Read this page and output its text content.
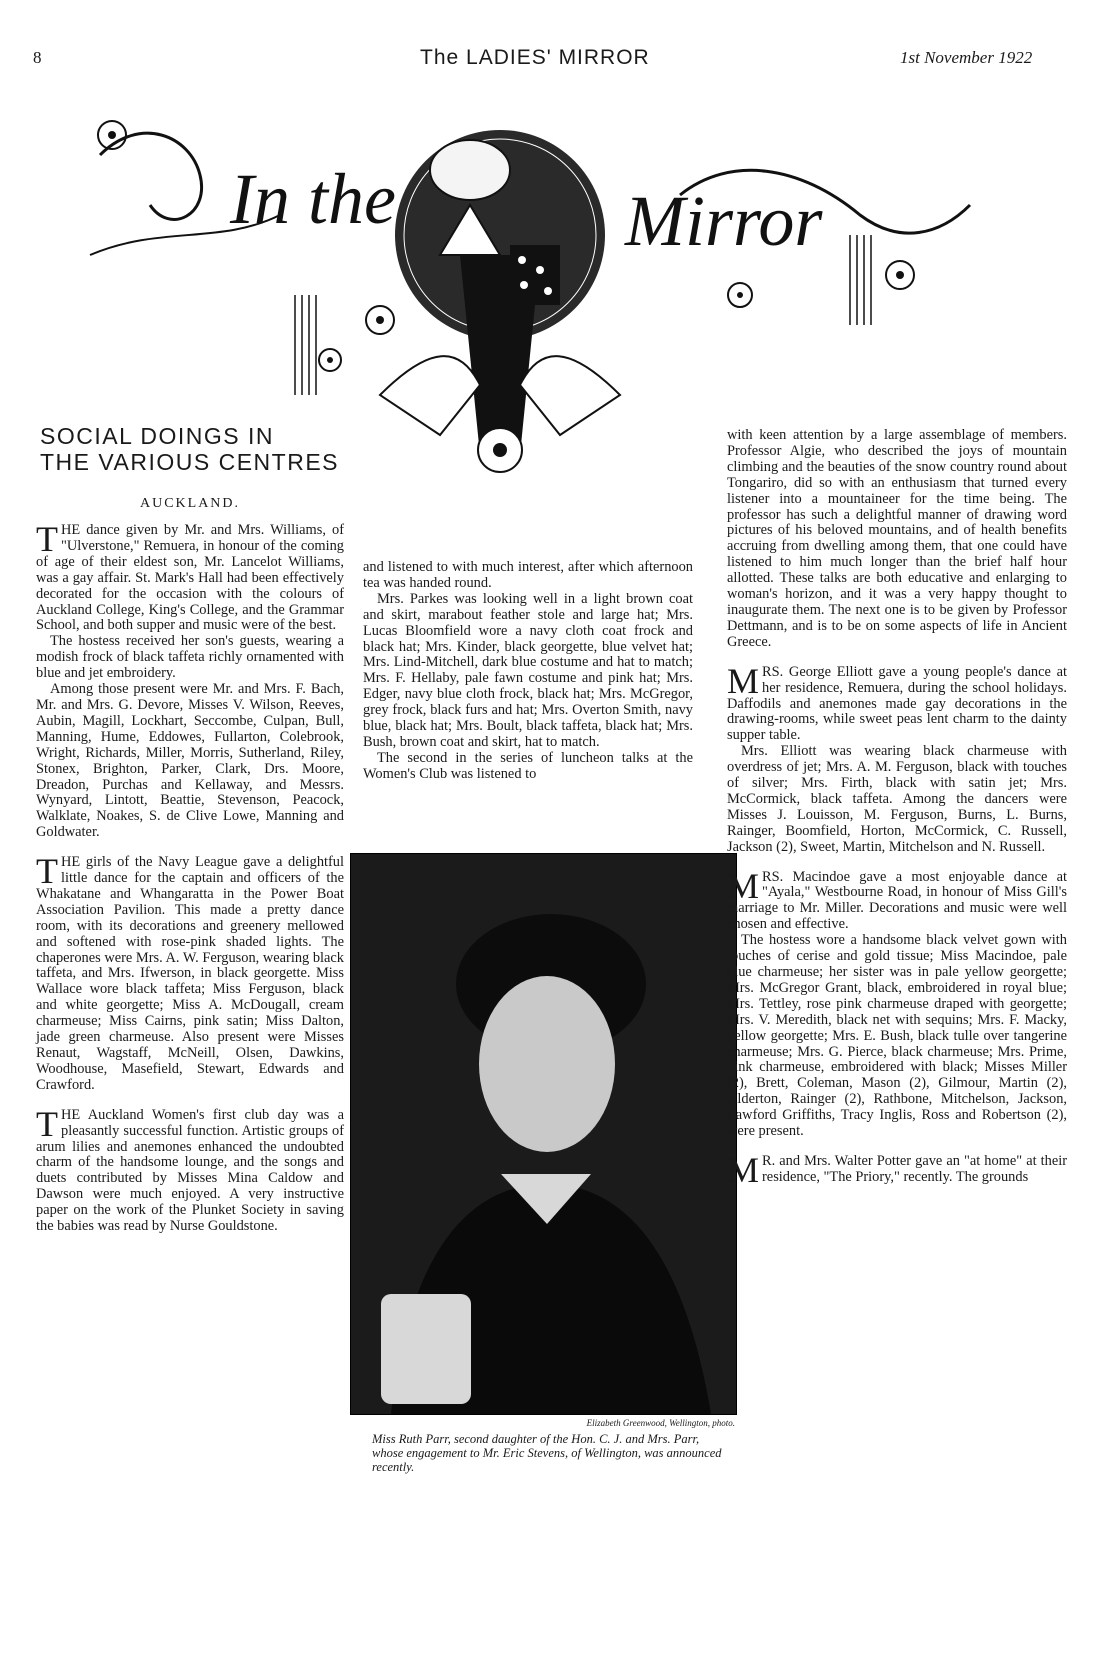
8	The LADIES' MIRROR	1st November 1922
In the	Mirror
SOCIAL DOINGS IN
THE VARIOUS CENTRES
AUCKLAND.

THE dance given by Mr. and Mrs. Williams, of "Ulverstone," Remuera, in honour of the coming of age of their eldest son, Mr. Lancelot Williams, was a gay affair. St. Mark's Hall had been effectively decorated for the occasion with the colours of Auckland College, King's College, and the Grammar School, and both supper and music were of the best.

The hostess received her son's guests, wearing a modish frock of black taffeta richly ornamented with blue and jet embroidery.

Among those present were Mr. and Mrs. F. Bach, Mr. and Mrs. G. Devore, Misses V. Wilson, Reeves, Aubin, Magill, Lockhart, Seccombe, Culpan, Bull, Manning, Hume, Eddowes, Fullarton, Colebrook, Wright, Richards, Miller, Morris, Sutherland, Riley, Stonex, Brighton, Parker, Clark, Drs. Moore, Dreadon, Purchas and Kellaway, and Messrs. Wynyard, Lintott, Beattie, Stevenson, Peacock, Walklate, Noakes, S. de Clive Lowe, Manning and Goldwater.

THE girls of the Navy League gave a delightful little dance for the captain and officers of the Whakatane and Whangaratta in the Power Boat Association Pavilion. This made a pretty dance room, with its decorations and greenery mellowed and softened with rose-pink shaded lights. The chaperones were Mrs. A. W. Ferguson, wearing black taffeta, and Mrs. Ifwerson, in black georgette. Miss Wallace wore black taffeta; Miss Ferguson, black and white georgette; Miss A. McDougall, cream charmeuse; Miss Cairns, pink satin; Miss Dalton, jade green charmeuse. Also present were Misses Renaut, Wagstaff, McNeill, Olsen, Dawkins, Woodhouse, Masefield, Stewart, Edwards and Crawford.

THE Auckland Women's first club day was a pleasantly successful function. Artistic groups of arum lilies and anemones enhanced the undoubted charm of the handsome lounge, and the songs and duets contributed by Misses Mina Caldow and Dawson were much enjoyed. A very instructive paper on the work of the Plunket Society in saving the babies was read by Nurse Gouldstone.

and listened to with much interest, after which afternoon tea was handed round.

Mrs. Parkes was looking well in a light brown coat and skirt, marabout feather stole and large hat; Mrs. Lucas Bloomfield wore a navy cloth coat frock and black hat; Mrs. Kinder, black georgette, blue velvet hat; Mrs. Lind-Mitchell, dark blue costume and hat to match; Mrs. F. Hellaby, pale fawn costume and pink hat; Mrs. Edger, navy blue cloth frock, black hat; Mrs. McGregor, grey frock, black furs and hat; Mrs. Overton Smith, navy blue, black hat; Mrs. Boult, black taffeta, black hat; Mrs. Bush, brown coat and skirt, hat to match.

The second in the series of luncheon talks at the Women's Club was listened to

Elizabeth Greenwood, Wellington, photo.
Miss Ruth Parr, second daughter of the Hon. C. J. and Mrs. Parr, whose engagement to Mr. Eric Stevens, of Wellington, was announced recently.

with keen attention by a large assemblage of members. Professor Algie, who described the joys of mountain climbing and the beauties of the snow country round about Tongariro, did so with an enthusiasm that turned every listener into a mountaineer for the time being. The professor has such a delightful manner of drawing word pictures of his beloved mountains, and of health benefits accruing from dwelling among them, that one could have listened to him much longer than the brief half hour allotted. These talks are both educative and enlarging to woman's horizon, and it was a very happy thought to inaugurate them. The next one is to be given by Professor Dettmann, and is to be on some aspects of life in Ancient Greece.

MRS. George Elliott gave a young people's dance at her residence, Remuera, during the school holidays. Daffodils and anemones made gay decorations in the drawing-rooms, while sweet peas lent charm to the dainty supper table.

Mrs. Elliott was wearing black charmeuse with overdress of jet; Mrs. A. M. Ferguson, black with touches of silver; Mrs. Firth, black with satin jet; Mrs. McCormick, black taffeta. Among the dancers were Misses J. Louisson, M. Ferguson, Burns, L. Burns, Rainger, Boomfield, Horton, McCormick, C. Russell, Jackson (2), Sweet, Martin, Mitchelson and N. Russell.

MRS. Macindoe gave a most enjoyable dance at "Ayala," Westbourne Road, in honour of Miss Gill's marriage to Mr. Miller. Decorations and music were well chosen and effective.

The hostess wore a handsome black velvet gown with touches of cerise and gold tissue; Miss Macindoe, pale blue charmeuse; her sister was in pale yellow georgette; Mrs. McGregor Grant, black, embroidered in royal blue; Mrs. Tettley, rose pink charmeuse draped with georgette; Mrs. V. Meredith, black net with sequins; Mrs. F. Macky, yellow georgette; Mrs. E. Bush, black tulle over tangerine charmeuse; Mrs. G. Pierce, black charmeuse; Mrs. Prime, pink charmeuse, embroidered with black; Misses Miller (2), Brett, Coleman, Mason (2), Gilmour, Martin (2), Alderton, Rainger (2), Rathbone, Mitchelson, Jackson, Lawford Griffiths, Tracy Inglis, Ross and Robertson (2), were present.

M R. and Mrs. Walter Potter gave an "at home" at their residence, "The Priory," recently. The grounds
